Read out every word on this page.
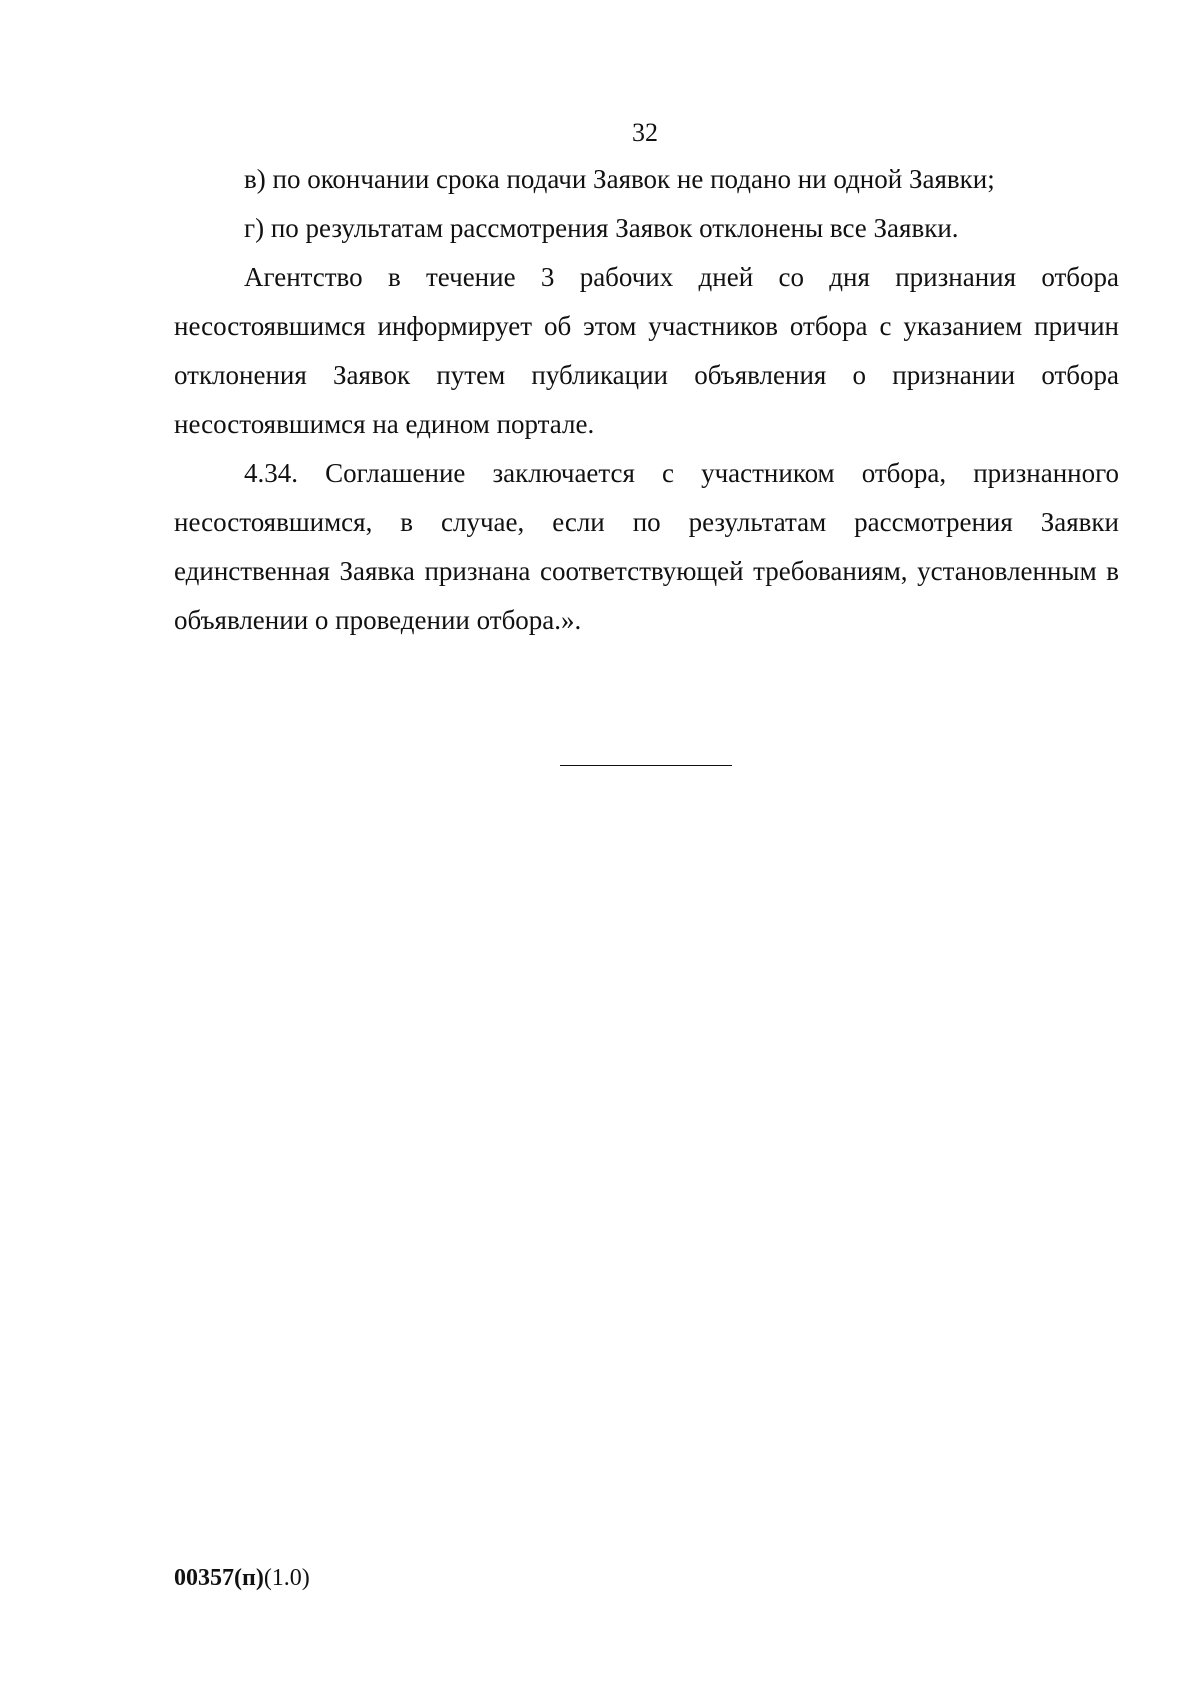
32

в) по окончании срока подачи Заявок не подано ни одной Заявки;

г) по результатам рассмотрения Заявок отклонены все Заявки.

Агентство в течение 3 рабочих дней со дня признания отбора несостоявшимся информирует об этом участников отбора с указанием причин отклонения Заявок путем публикации объявления о признании отбора несостоявшимся на едином портале.

4.34. Соглашение заключается с участником отбора, признанного несостоявшимся, в случае, если по результатам рассмотрения Заявки единственная Заявка признана соответствующей требованиям, установленным в объявлении о проведении отбора.».

00357(п)(1.0)
